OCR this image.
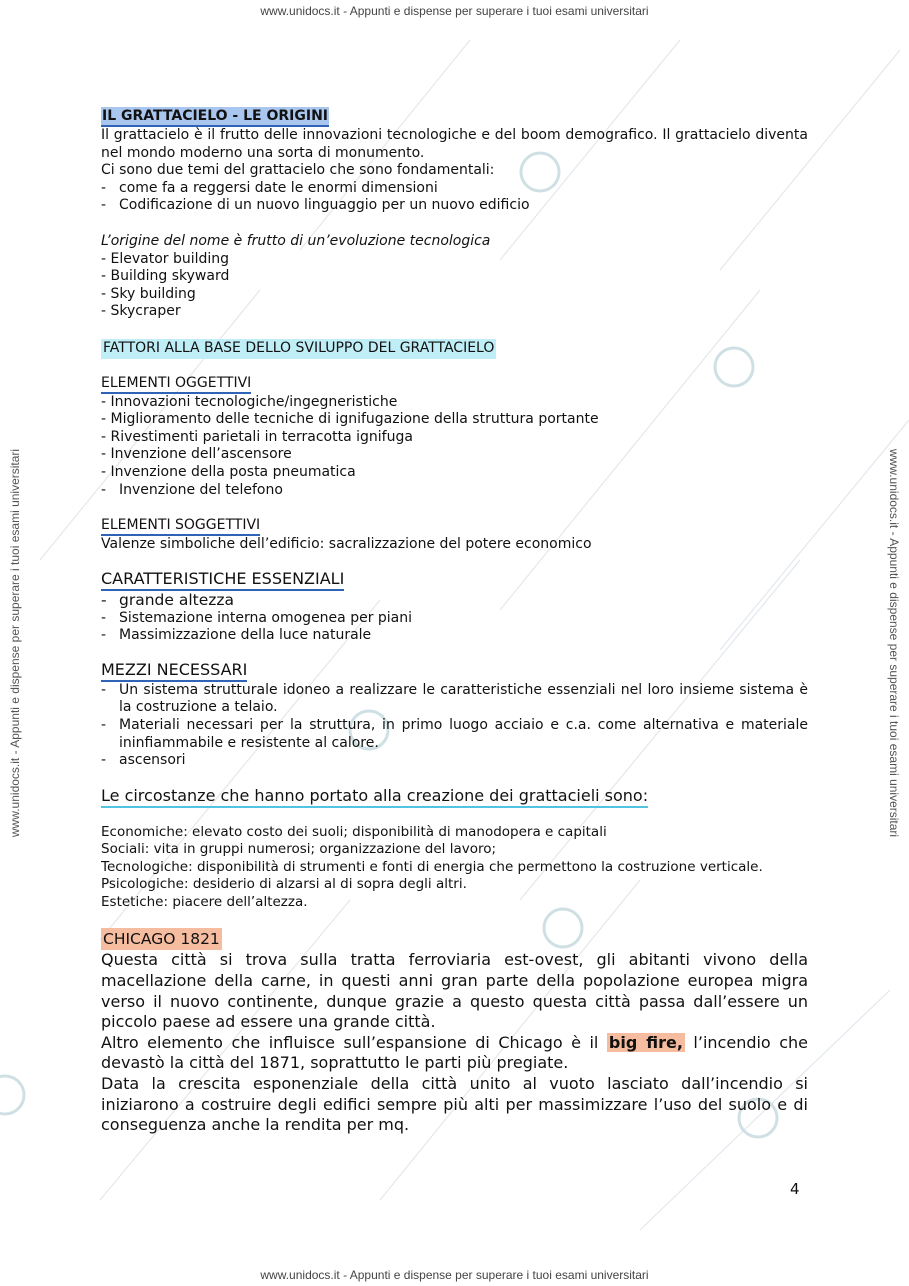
www.unidocs.it - Appunti e dispense per superare i tuoi esami universitari
www.unidocs.it - Appunti e dispense per superare i tuoi esami universitari
www.unidocs.it - Appunti e dispense per superare i tuoi esami universitari	www.unidocs.it - Appunti e dispense per superare i tuoi esami universitari

IL GRATTACIELO - LE ORIGINI

Il grattacielo è il frutto delle innovazioni tecnologiche e del boom demografico. Il grattacielo diventa nel mondo moderno una sorta di monumento.

Ci sono due temi del grattacielo che sono fondamentali:

- come fa a reggersi date le enormi dimensioni
- Codificazione di un nuovo linguaggio per un nuovo edificio

L’origine del nome è frutto di un’evoluzione tecnologica

- Elevator building

- Building skyward

- Sky building

- Skycraper

FATTORI ALLA BASE DELLO SVILUPPO DEL GRATTACIELO

ELEMENTI OGGETTIVI

- Innovazioni tecnologiche/ingegneristiche

- Miglioramento delle tecniche di ignifugazione della struttura portante

- Rivestimenti parietali in terracotta ignifuga

- Invenzione dell’ascensore

- Invenzione della posta pneumatica

- Invenzione del telefono

ELEMENTI SOGGETTIVI

Valenze simboliche dell’edificio: sacralizzazione del potere economico

CARATTERISTICHE ESSENZIALI

- grande altezza
- Sistemazione interna omogenea per piani
- Massimizzazione della luce naturale

MEZZI NECESSARI

- Un sistema strutturale idoneo a realizzare le caratteristiche essenziali nel loro insieme sistema è la costruzione a telaio.
- Materiali necessari per la struttura, in primo luogo acciaio e c.a. come alternativa e materiale ininfiammabile e resistente al calore.
- ascensori

Le circostanze che hanno portato alla creazione dei grattacieli sono:

Economiche: elevato costo dei suoli; disponibilità di manodopera e capitali

Sociali: vita in gruppi numerosi; organizzazione del lavoro;

Tecnologiche: disponibilità di strumenti e fonti di energia che permettono la costruzione verticale.

Psicologiche: desiderio di alzarsi al di sopra degli altri.

Estetiche: piacere dell’altezza.

CHICAGO 1821

Questa città si trova sulla tratta ferroviaria est-ovest, gli abitanti vivono della macellazione della carne, in questi anni gran parte della popolazione europea migra verso il nuovo continente, dunque grazie a questo questa città passa dall’essere un piccolo paese ad essere una grande città.

Altro elemento che influisce sull’espansione di Chicago è il big fire, l’incendio che devastò la città del 1871, soprattutto le parti più pregiate.

Data la crescita esponenziale della città unito al vuoto lasciato dall’incendio si iniziarono a costruire degli edifici sempre più alti per massimizzare l’uso del suolo e di conseguenza anche la rendita per mq.

4
